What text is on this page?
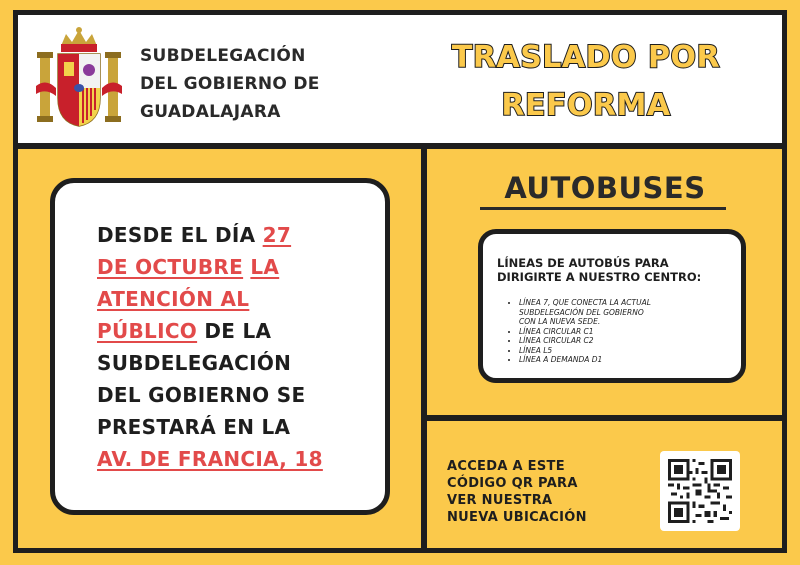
SUBDELEGACIÓN
DEL GOBIERNO DE
GUADALAJARA
TRASLADO POR
REFORMA
DESDE EL DÍA 27
DE OCTUBRE LA
ATENCIÓN AL
PÚBLICO DE LA
SUBDELEGACIÓN
DEL GOBIERNO SE
PRESTARÁ EN LA
AV. DE FRANCIA, 18
AUTOBUSES
LÍNEAS DE AUTOBÚS PARA
DIRIGIRTE A NUESTRO CENTRO:
• LÍNEA 7, QUE CONECTA LA ACTUAL
SUBDELEGACIÓN DEL GOBIERNO
CON LA NUEVA SEDE.
• LÍNEA CIRCULAR C1
• LÍNEA CIRCULAR C2
• LÍNEA L5
• LÍNEA A DEMANDA D1
ACCEDA A ESTE
CÓDIGO QR PARA
VER NUESTRA
NUEVA UBICACIÓN
